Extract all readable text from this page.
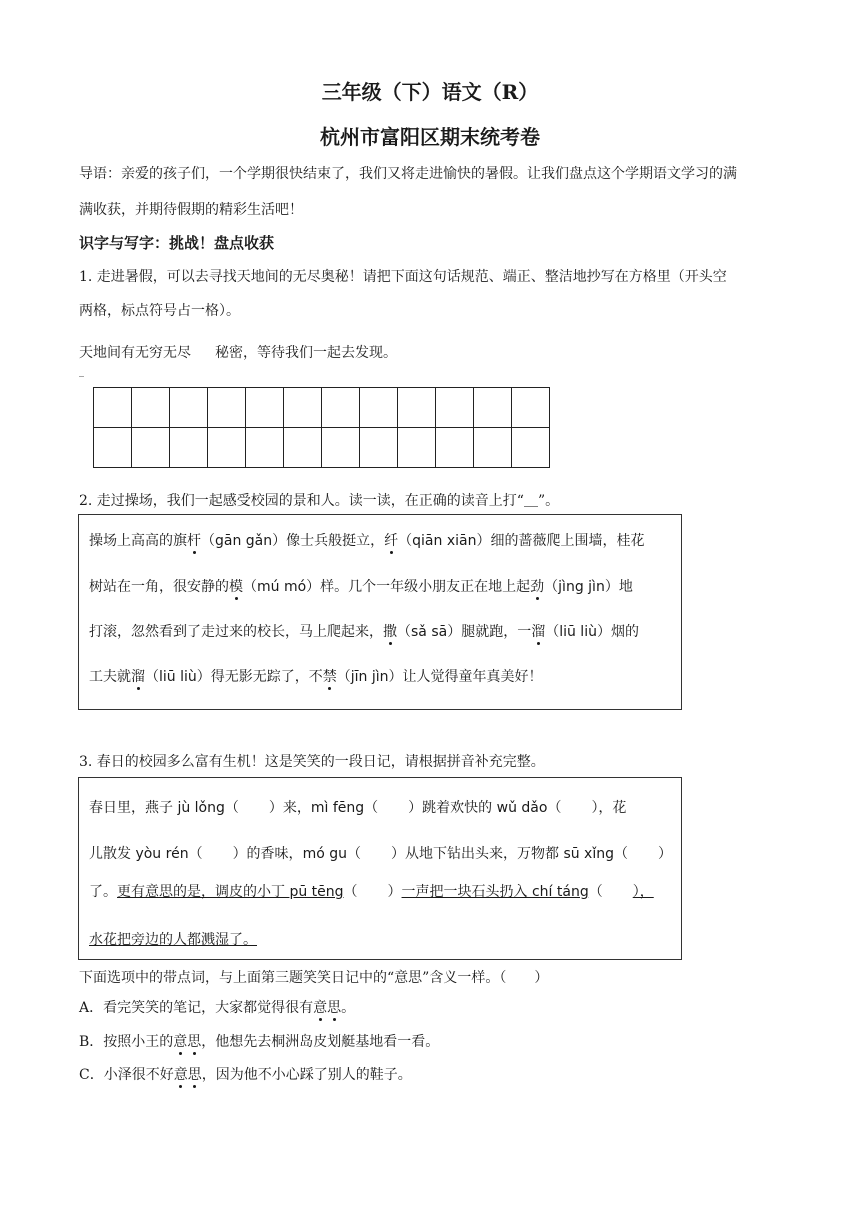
三年级（下）语文（R）
杭州市富阳区期末统考卷
导语：亲爱的孩子们，一个学期很快结束了，我们又将走进愉快的暑假。让我们盘点这个学期语文学习的满
满收获，并期待假期的精彩生活吧！
识字与写字：挑战！盘点收获
1. 走进暑假，可以去寻找天地间的无尽奥秘！请把下面这句话规范、端正、整洁地抄写在方格里（开头空
两格，标点符号占一格）。
天地间有无穷无尽 秘密，等待我们一起去发现。
_

2. 走过操场，我们一起感受校园的景和人。读一读，在正确的读音上打“＿”。
操场上高高的旗杆（gān gǎn）像士兵般挺立，纤（qiān xiān）细的蔷薇爬上围墙，桂花
树站在一角，很安静的模（mú mó）样。几个一年级小朋友正在地上起劲（jìng jìn）地
打滚，忽然看到了走过来的校长，马上爬起来，撒（sǎ sā）腿就跑，一溜（liū liù）烟的
工夫就溜（liū liù）得无影无踪了，不禁（jīn jìn）让人觉得童年真美好！
3. 春日的校园多么富有生机！这是笑笑的一段日记，请根据拼音补充完整。
春日里，燕子 jù lǒng（ ）来，mì fēng（ ）跳着欢快的 wǔ dǎo（ ），花
儿散发 yòu rén（ ）的香味，mó gu（ ）从地下钻出头来，万物都 sū xǐng（ ）
了。更有意思的是，调皮的小丁 pū tēng（ ）一声把一块石头扔入 chí táng（ ），
水花把旁边的人都溅湿了。
下面选项中的带点词，与上面第三题笑笑日记中的“意思”含义一样。（　　）
A．看完笑笑的笔记，大家都觉得很有意思。
B．按照小王的意思，他想先去桐洲岛皮划艇基地看一看。
C．小泽很不好意思，因为他不小心踩了别人的鞋子。
